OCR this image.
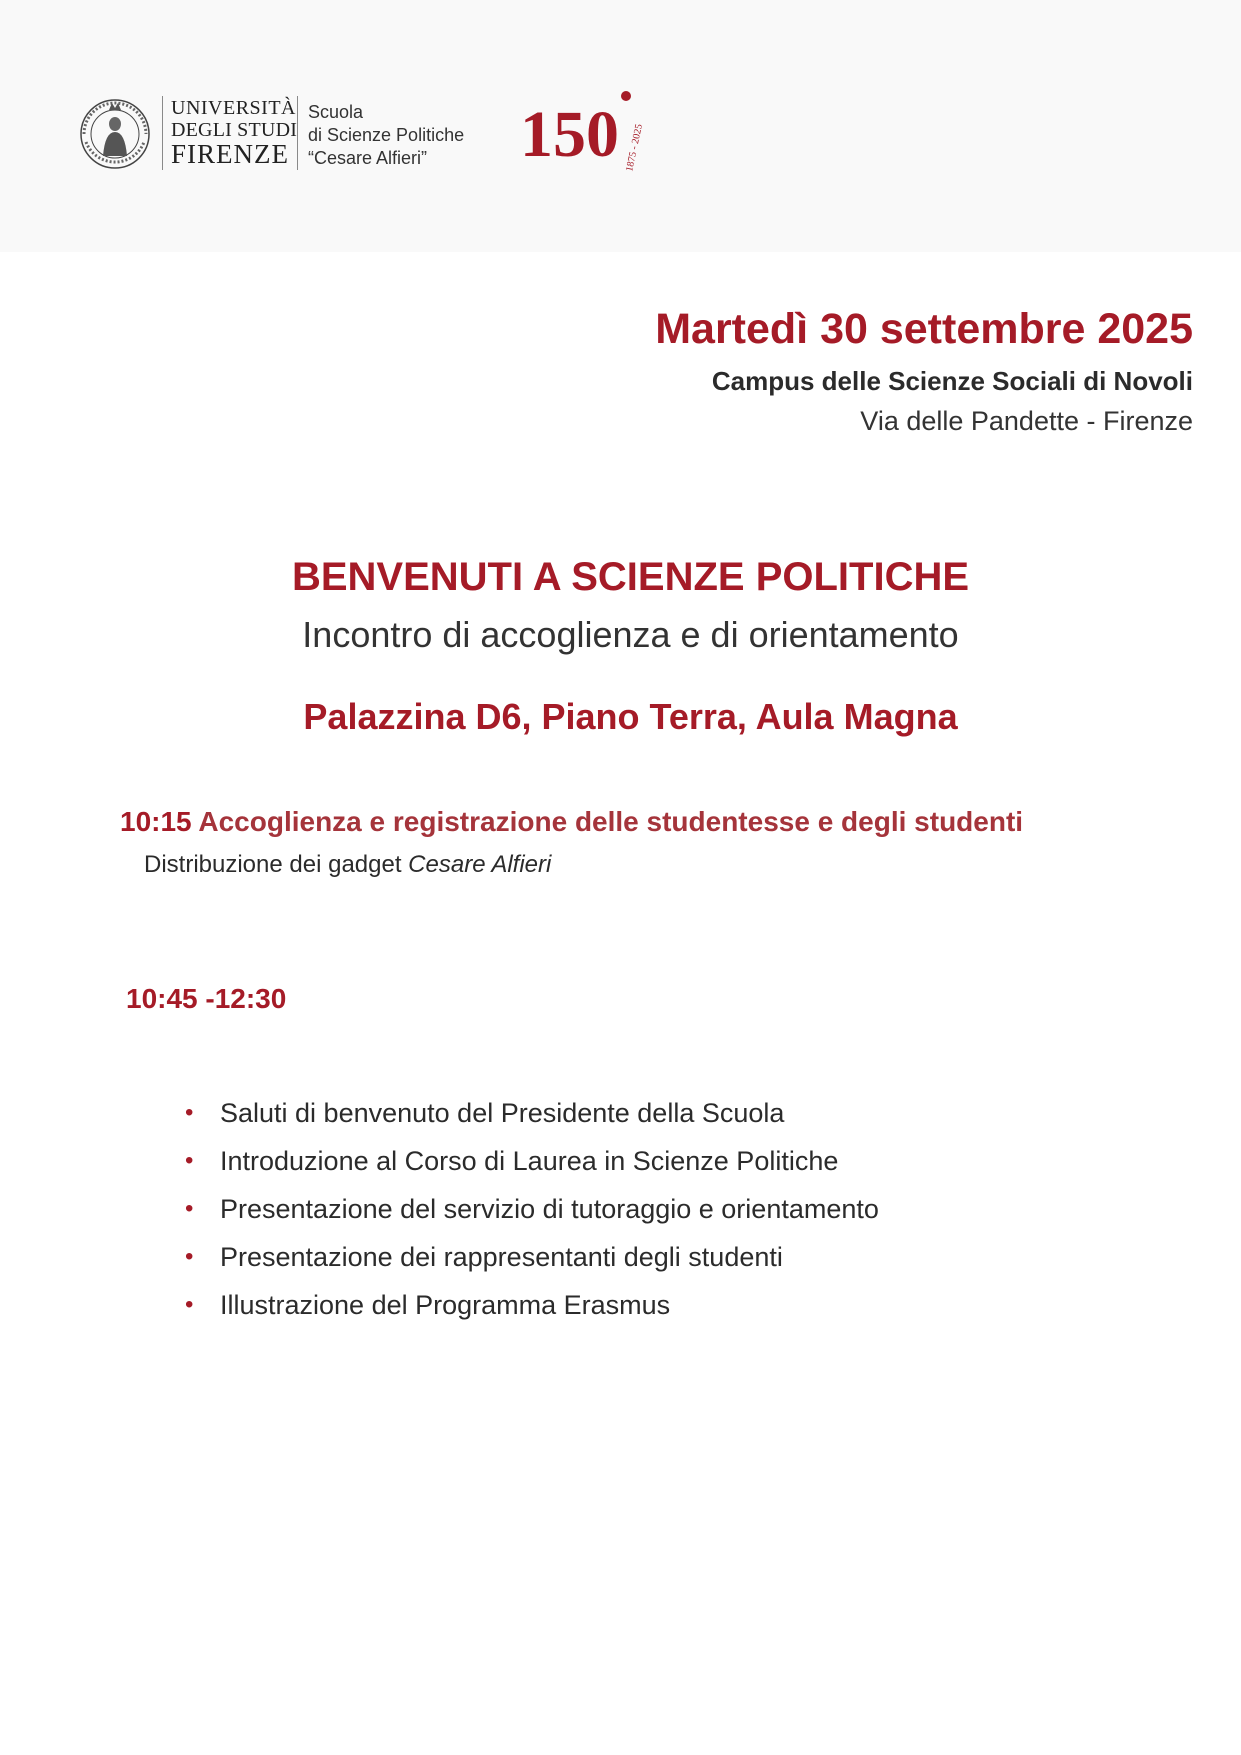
UNIVERSITÀ
DEGLI STUDI
FIRENZE
Scuola
di Scienze Politiche
“Cesare Alfieri”	150 1875 - 2025
Martedì 30 settembre 2025
Campus delle Scienze Sociali di Novoli
Via delle Pandette - Firenze
BENVENUTI A SCIENZE POLITICHE
Incontro di accoglienza e di orientamento
Palazzina D6, Piano Terra, Aula Magna
10:15 Accoglienza e registrazione delle studentesse e degli studenti
Distribuzione dei gadget Cesare Alfieri
10:45 -12:30
• Saluti di benvenuto del Presidente della Scuola
• Introduzione al Corso di Laurea in Scienze Politiche
• Presentazione del servizio di tutoraggio e orientamento
• Presentazione dei rappresentanti degli studenti
• Illustrazione del Programma Erasmus
